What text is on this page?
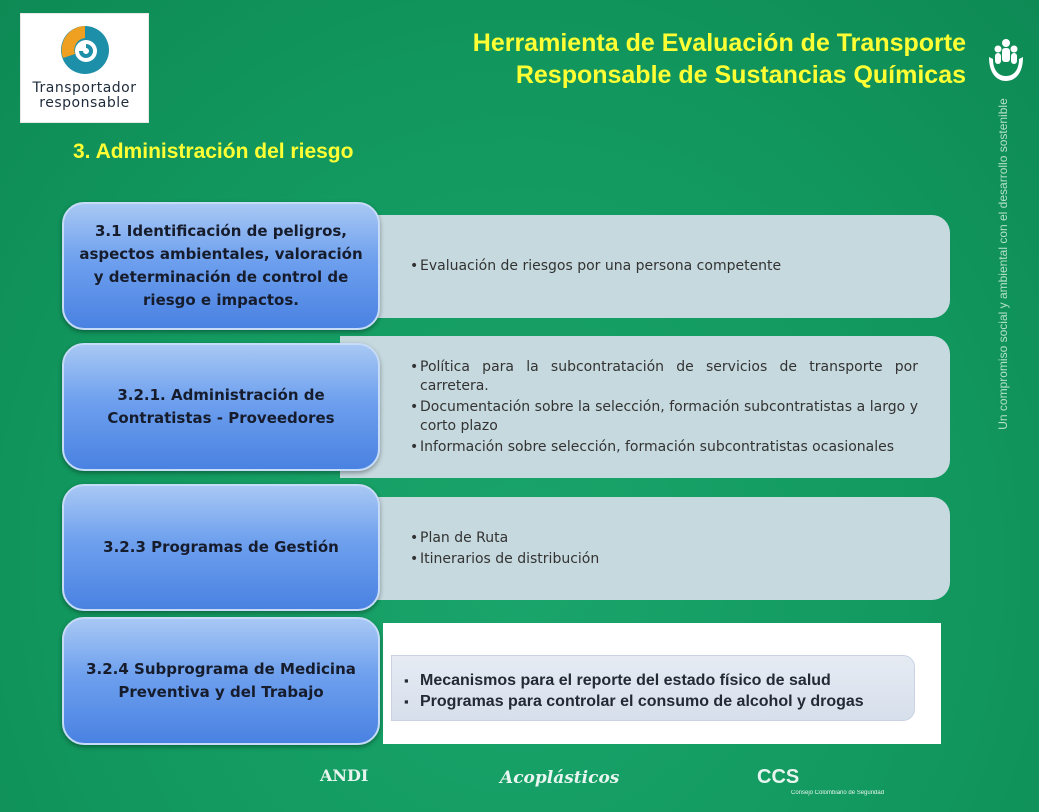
Transportador
responsable
Herramienta de Evaluación de Transporte
Responsable de Sustancias Químicas
3. Administración del riesgo	Un compromiso social y ambiental con el desarrollo sostenible
• Evaluación de riesgos por una persona competente
• Política para la subcontratación de servicios de transporte por carretera.
• Documentación sobre la selección, formación subcontratistas a largo y corto plazo
• Información sobre selección, formación subcontratistas ocasionales
• Plan de Ruta
• Itinerarios de distribución
▪ Mecanismos para el reporte del estado físico de salud
▪ Programas para controlar el consumo de alcohol y drogas
3.1 Identificación de peligros, aspectos ambientales, valoración y determinación de control de riesgo e impactos.
3.2.1. Administración de Contratistas - Proveedores
3.2.3 Programas de Gestión
3.2.4 Subprograma de Medicina Preventiva y del Trabajo
ANDI	Acoplásticos	CCS
Consejo Colombiano de Seguridad
